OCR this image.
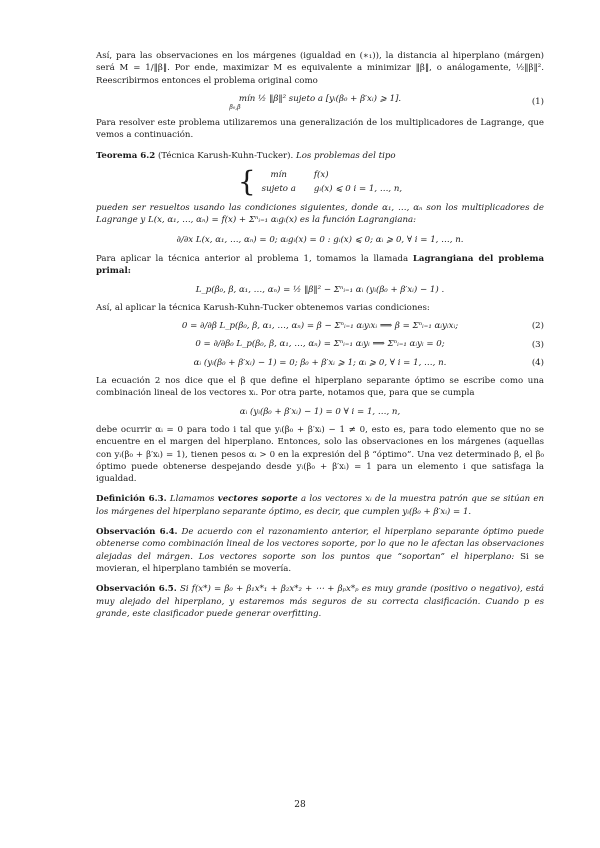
Así, para las observaciones en los márgenes (igualdad en (∗₁)), la distancia al hiperplano (márgen) será M = 1/‖β‖. Por ende, maximizar M es equivalente a minimizar ‖β‖, o análogamente, ½‖β‖². Reescribirmos entonces el problema original como

mín ½ ‖β‖² sujeto a [yᵢ(β₀ + β′xᵢ) ⩾ 1].
β₀,β
(1)

Para resolver este problema utilizaremos una generalización de los multiplicadores de Lagrange, que vemos a continuación.

Teorema 6.2 (Técnica Karush-Kuhn-Tucker). Los problemas del tipo

{	mín	f(x)
sujeto a gᵢ(x) ⩽ 0 i = 1, …, n,

pueden ser resueltos usando las condiciones siguientes, donde α₁, …, αₙ son los multiplicadores de Lagrange y L(x, α₁, …, αₙ) = f(x) + Σⁿᵢ₌₁ αᵢgᵢ(x) es la función Lagrangiana:

∂/∂x L(x, α₁, …, αₙ) = 0; αᵢgᵢ(x) = 0 : gᵢ(x) ⩽ 0; αᵢ ⩾ 0, ∀ i = 1, …, n.

Para aplicar la técnica anterior al problema 1, tomamos la llamada Lagrangiana del problema primal:

L_p(β₀, β, α₁, …, αₙ) = ½ ‖β‖² − Σⁿᵢ₌₁ αᵢ (yᵢ(β₀ + β′xᵢ) − 1) .

Así, al aplicar la técnica Karush-Kuhn-Tucker obtenemos varias condiciones:

0 = ∂/∂β L_p(β₀, β, α₁, …, αₙ) = β − Σⁿᵢ₌₁ αᵢyᵢxᵢ ⟹ β = Σⁿᵢ₌₁ αᵢyᵢxᵢ;	(2)
0 = ∂/∂β₀ L_p(β₀, β, α₁, …, αₙ) = Σⁿᵢ₌₁ αᵢyᵢ ⟹ Σⁿᵢ₌₁ αᵢyᵢ = 0;	(3)
αᵢ (yᵢ(β₀ + β′xᵢ) − 1) = 0; β₀ + β′xᵢ ⩾ 1; αᵢ ⩾ 0, ∀ i = 1, …, n.	(4)

La ecuación 2 nos dice que el β que define el hiperplano separante óptimo se escribe como una combinación lineal de los vectores xᵢ. Por otra parte, notamos que, para que se cumpla

αᵢ (yᵢ(β₀ + β′xᵢ) − 1) = 0 ∀ i = 1, …, n,

debe ocurrir αᵢ = 0 para todo i tal que yᵢ(β₀ + β′xᵢ) − 1 ≠ 0, esto es, para todo elemento que no se encuentre en el margen del hiperplano. Entonces, solo las observaciones en los márgenes (aquellas con yᵢ(β₀ + β′xᵢ) = 1), tienen pesos αᵢ > 0 en la expresión del β “óptimo”. Una vez determinado β, el β₀ óptimo puede obtenerse despejando desde yᵢ(β₀ + β′xᵢ) = 1 para un elemento i que satisfaga la igualdad.

Definición 6.3. Llamamos vectores soporte a los vectores xᵢ de la muestra patrón que se sitúan en los márgenes del hiperplano separante óptimo, es decir, que cumplen yᵢ(β₀ + β′xᵢ) = 1.

Observación 6.4. De acuerdo con el razonamiento anterior, el hiperplano separante óptimo puede obtenerse como combinación lineal de los vectores soporte, por lo que no le afectan las observaciones alejadas del márgen. Los vectores soporte son los puntos que “soportan” el hiperplano: Si se movieran, el hiperplano también se movería.

Observación 6.5. Si f(x*) = β₀ + β₁x*₁ + β₂x*₂ + ⋯ + βₚx*ₚ es muy grande (positivo o negativo), está muy alejado del hiperplano, y estaremos más seguros de su correcta clasificación. Cuando p es grande, este clasificador puede generar overfitting.

28
